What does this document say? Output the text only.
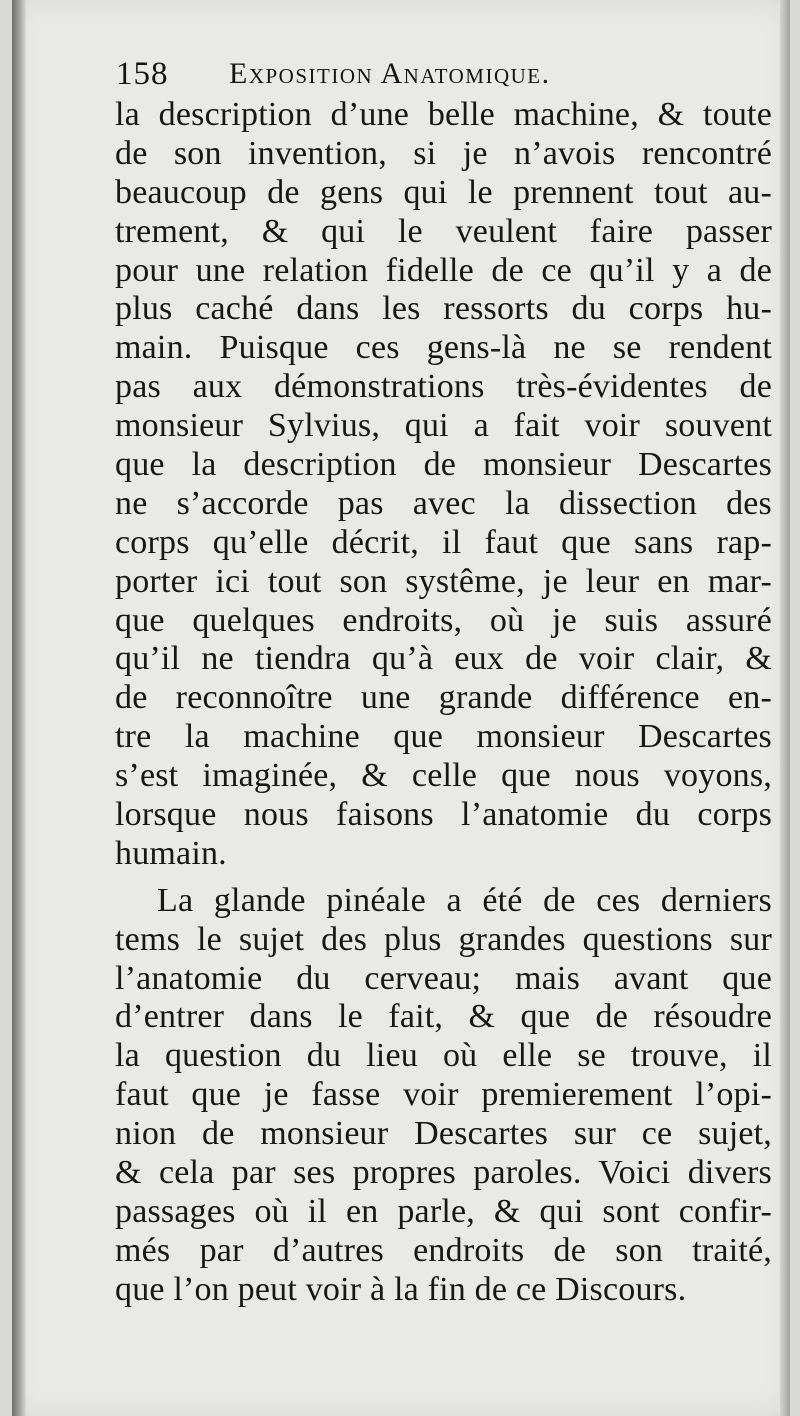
158 Exposition Anatomique.
la description d’une belle machine, & toute
de son invention, si je n’avois rencontré
beaucoup de gens qui le prennent tout au-
trement, & qui le veulent faire passer
pour une relation fidelle de ce qu’il y a de
plus caché dans les ressorts du corps hu-
main. Puisque ces gens-là ne se rendent
pas aux démonstrations très-évidentes de
monsieur Sylvius, qui a fait voir souvent
que la description de monsieur Descartes
ne s’accorde pas avec la dissection des
corps qu’elle décrit, il faut que sans rap-
porter ici tout son systême, je leur en mar-
que quelques endroits, où je suis assuré
qu’il ne tiendra qu’à eux de voir clair, &
de reconnoître une grande différence en-
tre la machine que monsieur Descartes
s’est imaginée, & celle que nous voyons,
lorsque nous faisons l’anatomie du corps
humain.
La glande pinéale a été de ces derniers
tems le sujet des plus grandes questions sur
l’anatomie du cerveau; mais avant que
d’entrer dans le fait, & que de résoudre
la question du lieu où elle se trouve, il
faut que je fasse voir premierement l’opi-
nion de monsieur Descartes sur ce sujet,
& cela par ses propres paroles. Voici divers
passages où il en parle, & qui sont confir-
més par d’autres endroits de son traité,
que l’on peut voir à la fin de ce Discours.
